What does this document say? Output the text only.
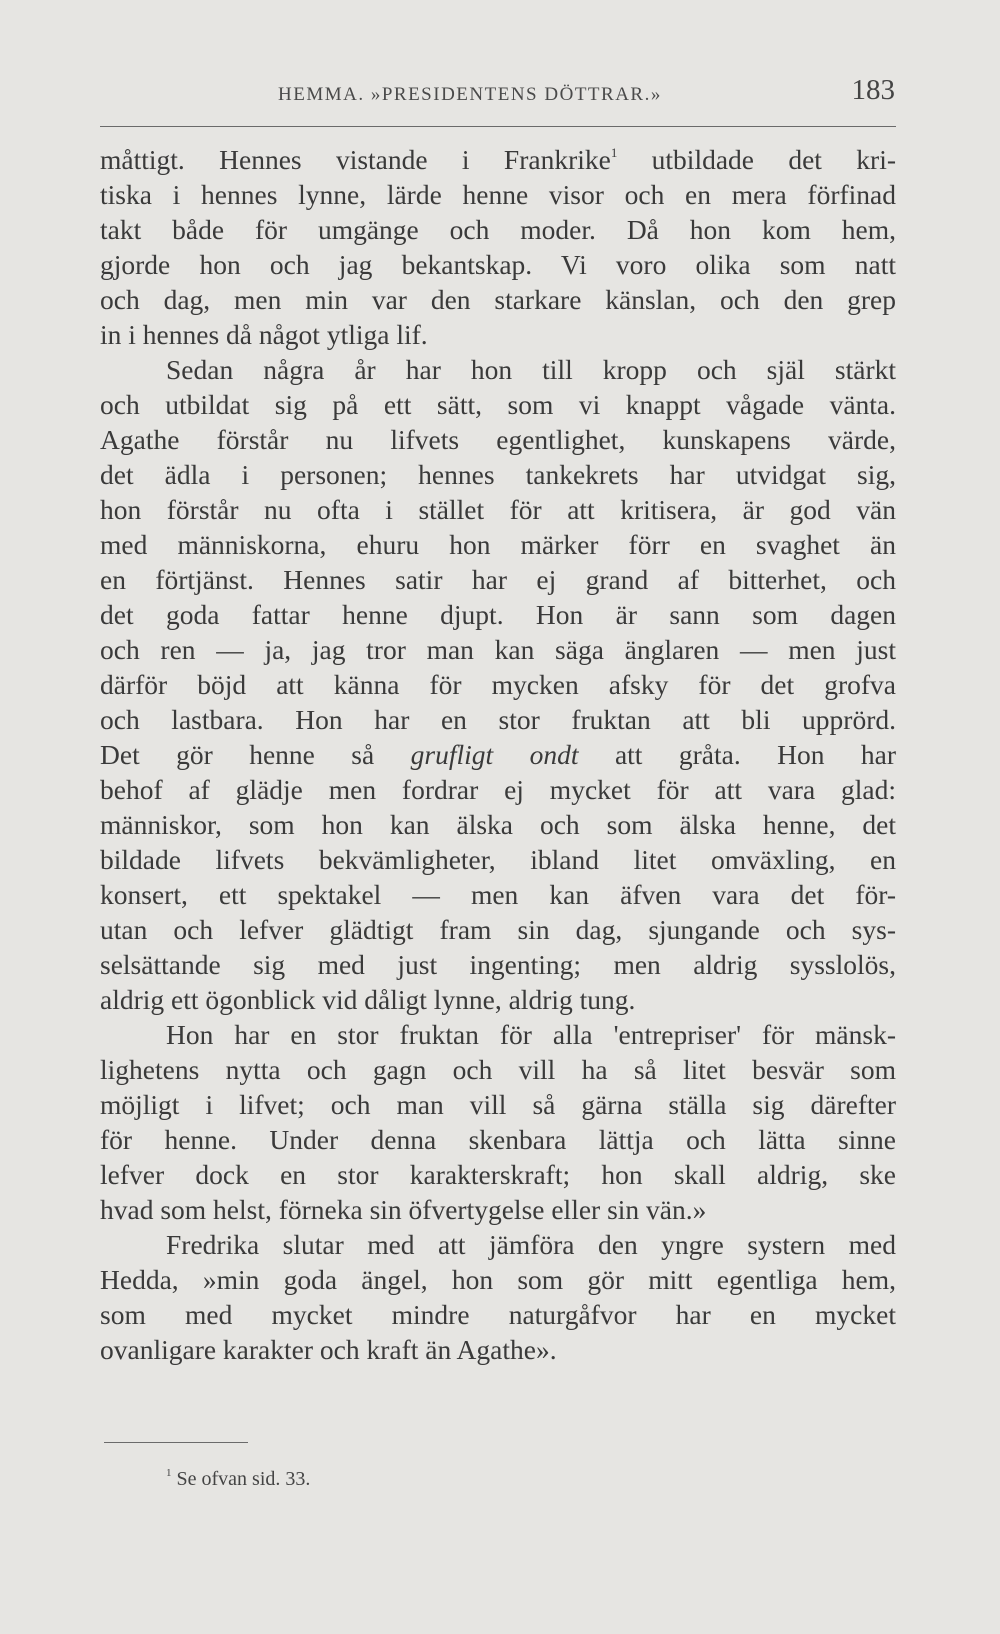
HEMMA. »PRESIDENTENS DÖTTRAR.»	183
måttigt. Hennes vistande i Frankrike$^1$ utbildade det kri-
tiska i hennes lynne, lärde henne visor och en mera förfinad
takt både för umgänge och moder. Då hon kom hem,
gjorde hon och jag bekantskap. Vi voro olika som natt
och dag, men min var den starkare känslan, och den grep
in i hennes då något ytliga lif.
Sedan några år har hon till kropp och själ stärkt
och utbildat sig på ett sätt, som vi knappt vågade vänta.
Agathe förstår nu lifvets egentlighet, kunskapens värde,
det ädla i personen; hennes tankekrets har utvidgat sig,
hon förstår nu ofta i stället för att kritisera, är god vän
med människorna, ehuru hon märker förr en svaghet än
en förtjänst. Hennes satir har ej grand af bitterhet, och
det goda fattar henne djupt. Hon är sann som dagen
och ren — ja, jag tror man kan säga änglaren — men just
därför böjd att känna för mycken afsky för det grofva
och lastbara. Hon har en stor fruktan att bli upprörd.
Det gör henne så grufligt ondt att gråta. Hon har
behof af glädje men fordrar ej mycket för att vara glad:
människor, som hon kan älska och som älska henne, det
bildade lifvets bekvämligheter, ibland litet omväxling, en
konsert, ett spektakel — men kan äfven vara det för-
utan och lefver glädtigt fram sin dag, sjungande och sys-
selsättande sig med just ingenting; men aldrig sysslolös,
aldrig ett ögonblick vid dåligt lynne, aldrig tung.
Hon har en stor fruktan för alla 'entrepriser' för mänsk-
lighetens nytta och gagn och vill ha så litet besvär som
möjligt i lifvet; och man vill så gärna ställa sig därefter
för henne. Under denna skenbara lättja och lätta sinne
lefver dock en stor karakterskraft; hon skall aldrig, ske
hvad som helst, förneka sin öfvertygelse eller sin vän.»
Fredrika slutar med att jämföra den yngre systern med
Hedda, »min goda ängel, hon som gör mitt egentliga hem,
som med mycket mindre naturgåfvor har en mycket
ovanligare karakter och kraft än Agathe».
$^1$ Se ofvan sid. 33.
